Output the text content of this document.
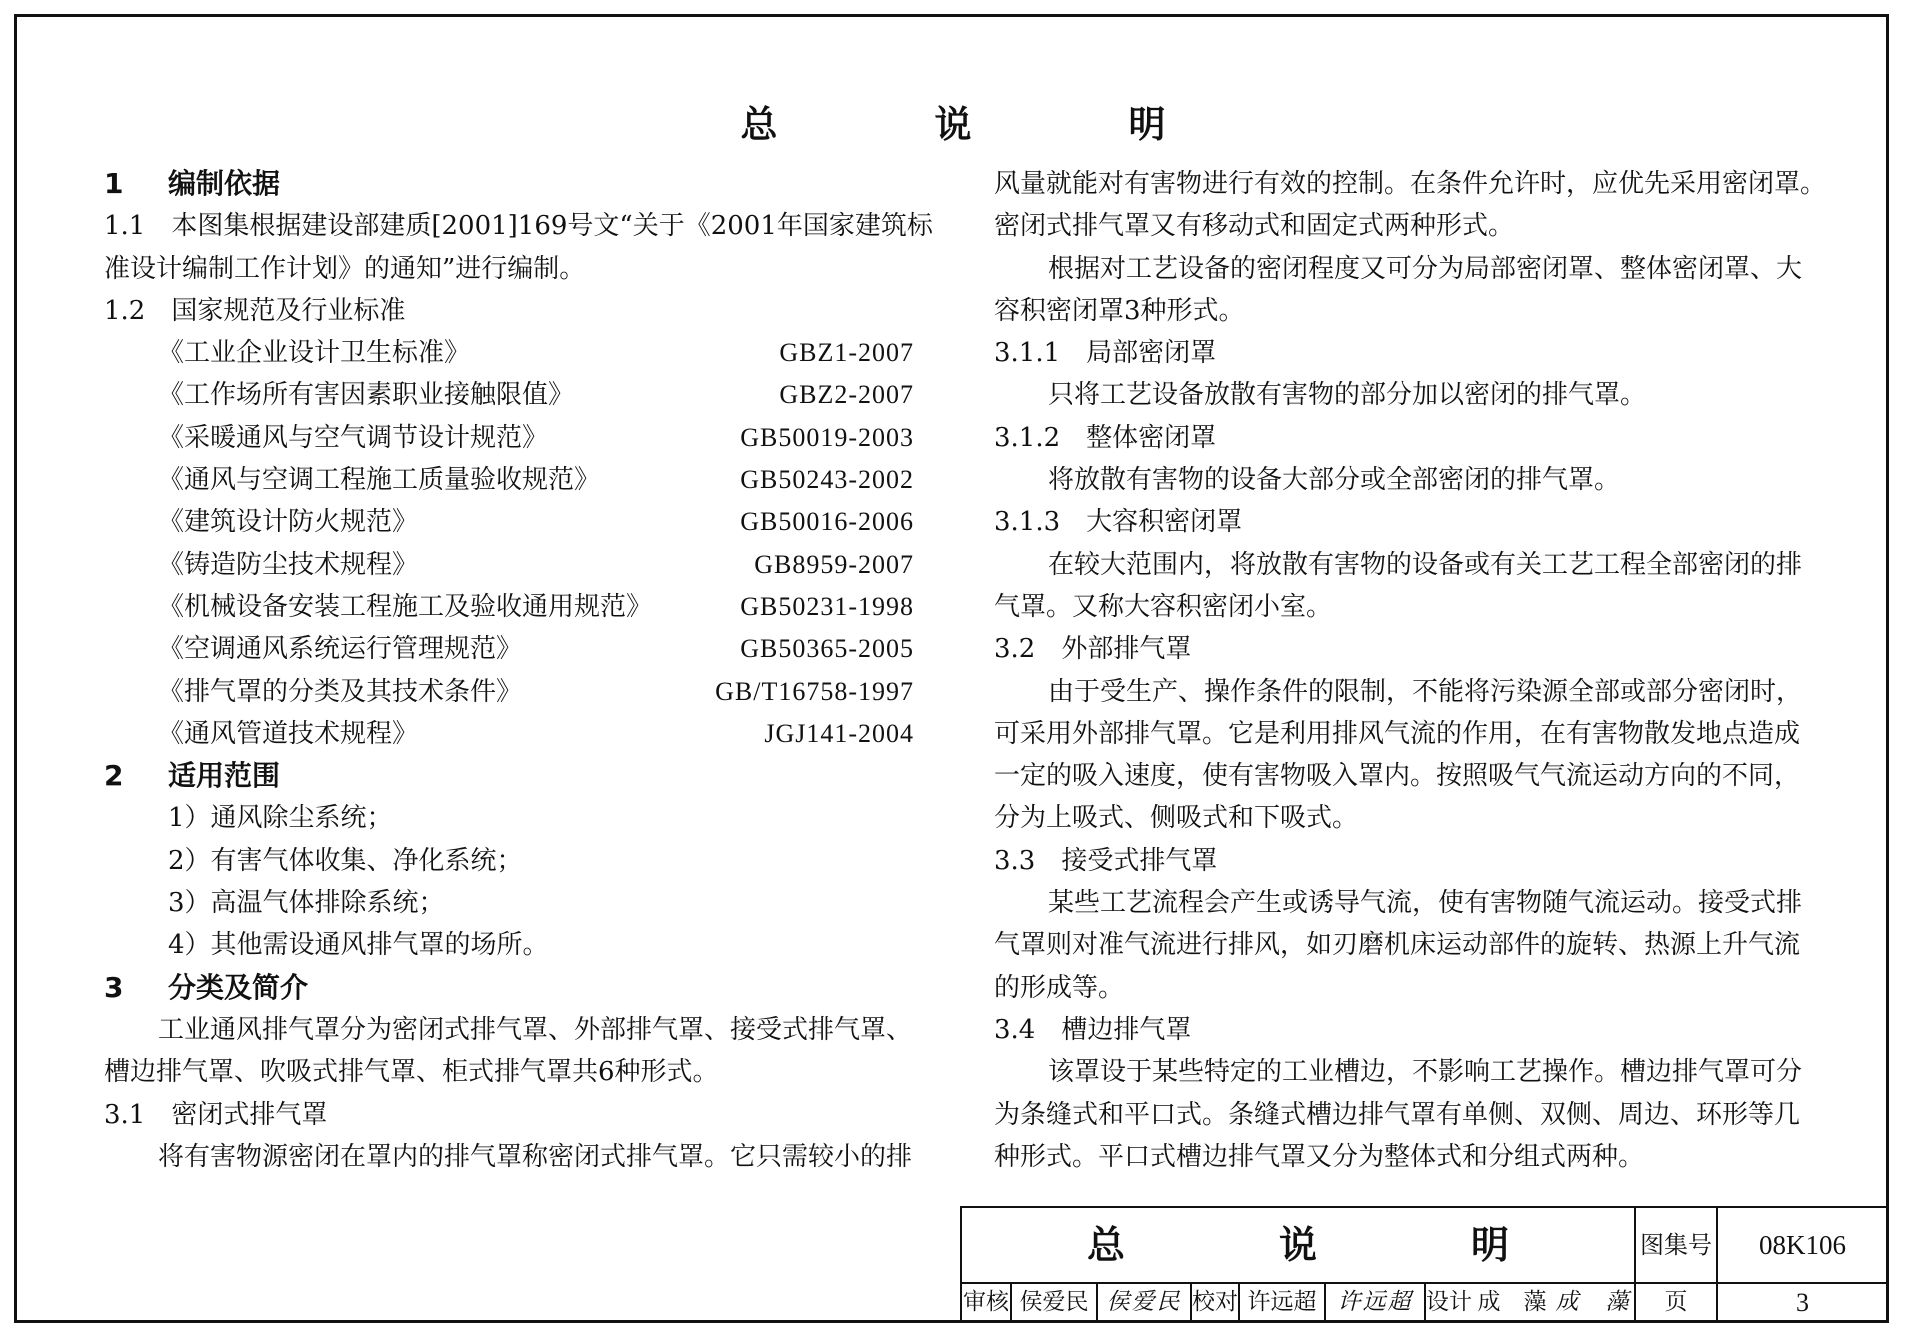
总　说　明
1 编制依据
1.1　本图集根据建设部建质[2001]169号文“关于《2001年国家建筑标
准设计编制工作计划》的通知”进行编制。
1.2　国家规范及行业标准
《工业企业设计卫生标准》	GBZ1-2007
《工作场所有害因素职业接触限值》	GBZ2-2007
《采暖通风与空气调节设计规范》	GB50019-2003
《通风与空调工程施工质量验收规范》	GB50243-2002
《建筑设计防火规范》	GB50016-2006
《铸造防尘技术规程》	GB8959-2007
《机械设备安装工程施工及验收通用规范》	GB50231-1998
《空调通风系统运行管理规范》	GB50365-2005
《排气罩的分类及其技术条件》	GB/T16758-1997
《通风管道技术规程》	JGJ141-2004
2 适用范围
1）通风除尘系统；
2）有害气体收集、净化系统；
3）高温气体排除系统；
4）其他需设通风排气罩的场所。
3 分类及简介
工业通风排气罩分为密闭式排气罩、外部排气罩、接受式排气罩、
槽边排气罩、吹吸式排气罩、柜式排气罩共6种形式。
3.1　密闭式排气罩
将有害物源密闭在罩内的排气罩称密闭式排气罩。它只需较小的排
风量就能对有害物进行有效的控制。在条件允许时，应优先采用密闭罩。
密闭式排气罩又有移动式和固定式两种形式。
根据对工艺设备的密闭程度又可分为局部密闭罩、整体密闭罩、大
容积密闭罩3种形式。
3.1.1　局部密闭罩
只将工艺设备放散有害物的部分加以密闭的排气罩。
3.1.2　整体密闭罩
将放散有害物的设备大部分或全部密闭的排气罩。
3.1.3　大容积密闭罩
在较大范围内，将放散有害物的设备或有关工艺工程全部密闭的排
气罩。又称大容积密闭小室。
3.2　外部排气罩
由于受生产、操作条件的限制，不能将污染源全部或部分密闭时，
可采用外部排气罩。它是利用排风气流的作用，在有害物散发地点造成
一定的吸入速度，使有害物吸入罩内。按照吸气气流运动方向的不同，
分为上吸式、侧吸式和下吸式。
3.3　接受式排气罩
某些工艺流程会产生或诱导气流，使有害物随气流运动。接受式排
气罩则对准气流进行排风，如刃磨机床运动部件的旋转、热源上升气流
的形成等。
3.4　槽边排气罩
该罩设于某些特定的工业槽边，不影响工艺操作。槽边排气罩可分
为条缝式和平口式。条缝式槽边排气罩有单侧、双侧、周边、环形等几
种形式。平口式槽边排气罩又分为整体式和分组式两种。
总　说　明	图集号	08K106
审核 侯爱民 侯爱民 校对 许远超 许远超 设计 成　藻 成　藻	页	3
